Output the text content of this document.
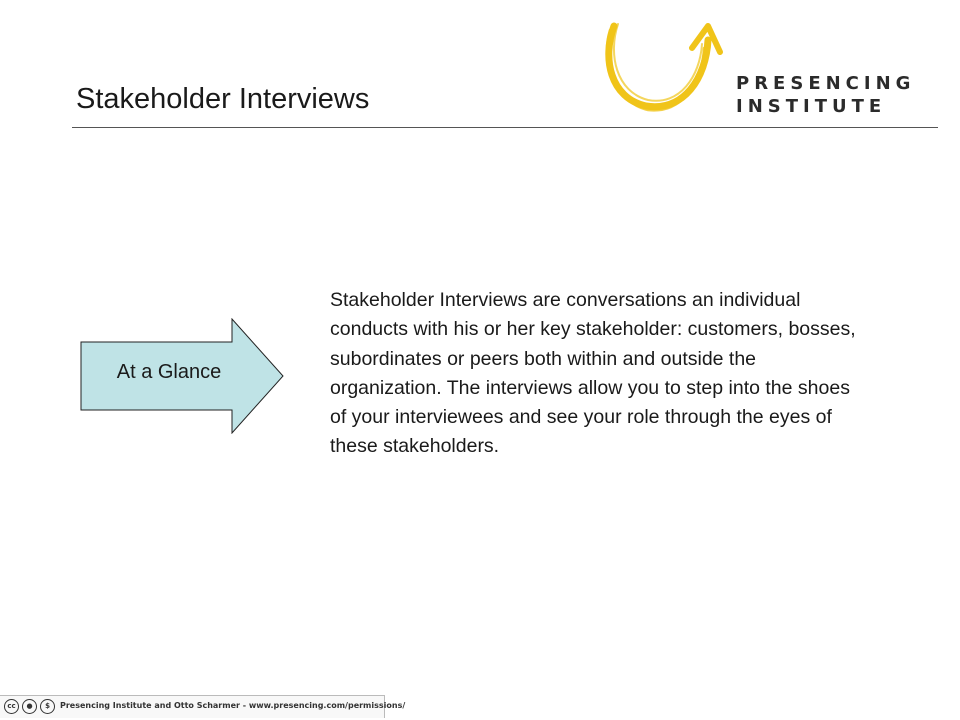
Stakeholder Interviews	PRESENCING
INSTITUTE
At a Glance

Stakeholder Interviews are conversations an individual conducts with his or her key stakeholder: customers, bosses, subordinates or peers both within and outside the organization. The interviews allow you to step into the shoes of your interviewees and see your role through the eyes of these stakeholders.

cc	●	$	Presencing Institute and Otto Scharmer - www.presencing.com/permissions/
